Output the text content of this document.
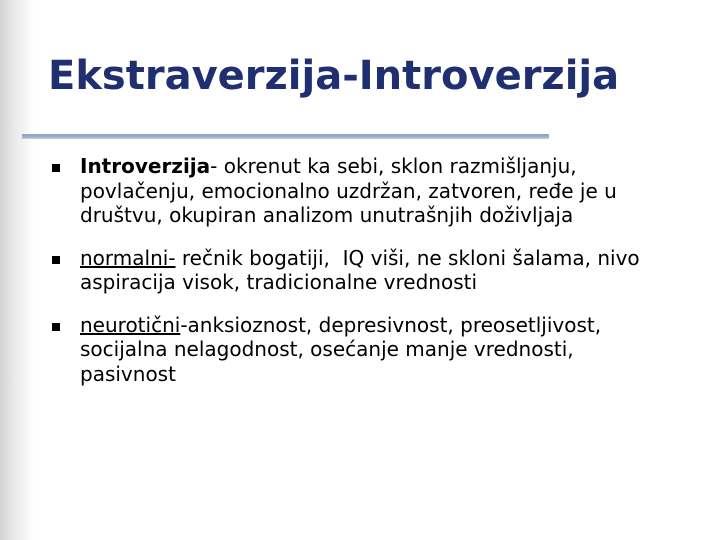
Ekstraverzija-Introverzija
Introverzija- okrenut ka sebi, sklon razmišljanju, povlačenju, emocionalno uzdržan, zatvoren, ređe je u društvu, okupiran analizom unutrašnjih doživljaja
normalni- rečnik bogatiji,  IQ viši, ne skloni šalama, nivo aspiracija visok, tradicionalne vrednosti
neurotični-anksioznost, depresivnost, preosetljivost, socijalna nelagodnost, osećanje manje vrednosti, pasivnost
